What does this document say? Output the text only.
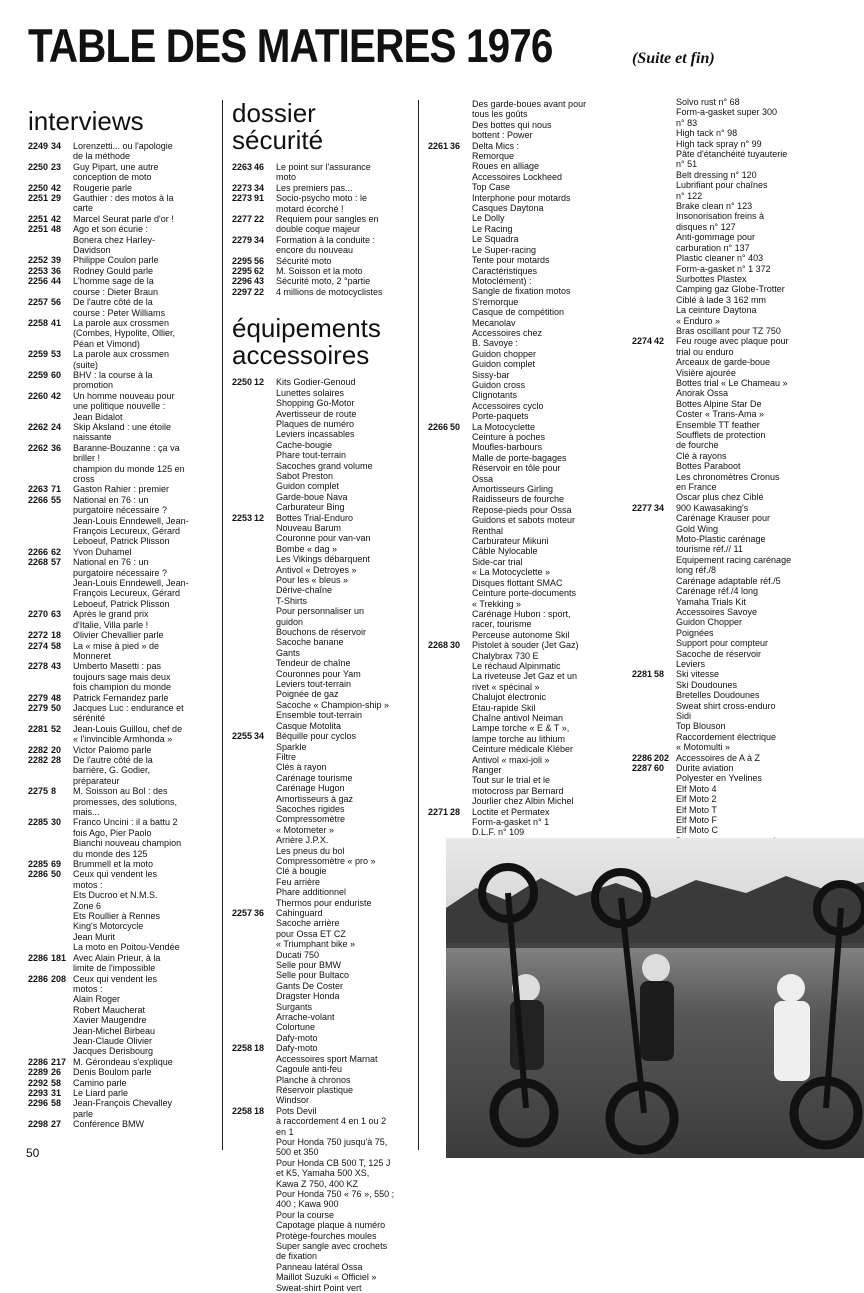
TABLE DES MATIERES 1976	(Suite et fin)
interviews
2249 34	Lorenzetti... ou l'apologie
de la méthode
2250 23	Guy Pipart, une autre
conception de moto
2250 42	Rougerie parle
2251 29	Gauthier : des motos à la
carte
2251 42	Marcel Seurat parle d'or !
2251 48	Ago et son écurie :
Bonera chez Harley-
Davidson
2252 39	Philippe Coulon parle
2253 36	Rodney Gould parle
2256 44	L'homme sage de la
course : Dieter Braun
2257 56	De l'autre côté de la
course : Peter Williams
2258 41	La parole aux crossmen
(Combes, Hypolite, Ollier,
Péan et Vimond)
2259 53	La parole aux crossmen
(suite)
2259 60	BHV : la course à la
promotion
2260 42	Un homme nouveau pour
une politique nouvelle :
Jean Bidalot
2262 24	Skip Aksland : une étoile
naissante
2262 36	Baranne-Bouzanne : ça va
briller !
champion du monde 125 en
cross
2263 71	Gaston Rahier : premier
2266 55	National en 76 : un
purgatoire nécessaire ?
Jean-Louis Enndewell, Jean-
François Lecureux, Gérard
Leboeuf, Patrick Plisson
2266 62	Yvon Duhamel
2268 57	National en 76 : un
purgatoire nécessaire ?
Jean-Louis Enndewell, Jean-
François Lecureux, Gérard
Leboeuf, Patrick Plisson
2270 63	Après le grand prix
d'Italie, Villa parle !
2272 18	Olivier Chevallier parle
2274 58	La « mise à pied » de
Monneret
2278 43	Umberto Masetti : pas
toujours sage mais deux
fois champion du monde
2279 48	Patrick Fernandez parle
2279 50	Jacques Luc : endurance et
sérénité
2281 52	Jean-Louis Guillou, chef de
« l'invincible Armhonda »
2282 20	Victor Palomo parle
2282 28	De l'autre côté de la
barrière, G. Godier,
préparateur
2275 8	M. Soisson au Bol : des
promesses, des solutions,
mais...
2285 30	Franco Uncini : il a battu 2
fois Ago, Pier Paolo
Bianchi nouveau champion
du monde des 125
2285 69	Brummell et la moto
2286 50	Ceux qui vendent les
motos :
Ets Ducroo et N.M.S.
Zone 6
Ets Roullier à Rennes
King's Motorcycle
Jean Murit
La moto en Poitou-Vendée
2286 181 Avec Alain Prieur, à la
limite de l'impossible
2286 208 Ceux qui vendent les
motos :
Alain Roger
Robert Maucherat
Xavier Maugendre
Jean-Michel Birbeau
Jean-Claude Olivier
Jacques Derisbourg
2286 217 M. Gérondeau s'explique
2289 26	Denis Boulom parle
2292 58	Camino parle
2293 31	Le Liard parle
2296 58	Jean-François Chevalley
parle
2298 27	Conférence BMW
dossier
sécurité
2263 46	Le point sur l'assurance
moto
2273 34	Les premiers pas...
2273 91	Socio-psycho moto : le
motard écorché !
2277 22	Requiem pour sangles en
double coque majeur
2279 34	Formation à la conduite :
encore du nouveau
2295 56	Sécurité moto
2295 62	M. Soisson et la moto
2296 43	Sécurité moto, 2 °partie
2297 22	4 millions de motocyclistes
équipements
accessoires
2250 12	Kits Godier-Genoud
Lunettes solaires
Shopping Go-Motor
Avertisseur de route
Plaques de numéro
Leviers incassables
Cache-bougie
Phare tout-terrain
Sacoches grand volume
Sabot Preston
Guidon complet
Garde-boue Nava
Carburateur Bing
2253 12	Bottes Trial-Enduro
Nouveau Barum
Couronne pour van-van
Bombe « dag »
Les Vikings débarquent
Antivol « Detroyes »
Pour les « bleus »
Dérive-chaîne
T-Shirts
Pour personnaliser un
guidon
Bouchons de réservoir
Sacoche banane
Gants
Tendeur de chaîne
Couronnes pour Yam
Leviers tout-terrain
Poignée de gaz
Sacoche « Champion-ship »
Ensemble tout-terrain
Casque Motolita
2255 34	Béquille pour cyclos
Sparkle
Filtre
Clés à rayon
Carénage tourisme
Carénage Hugon
Amortisseurs à gaz
Sacoches rigides
Compressomètre
« Motometer »
Arrière J.P.X.
Les pneus du bol
Compressomètre « pro »
Clé à bougie
Feu arrière
Phare additionnel
Thermos pour enduriste
2257 36	Cahinguard
Sacoche arrière
pour Ossa ET CZ
« Triumphant bike »
Ducati 750
Selle pour BMW
Selle pour Bultaco
Gants De Coster
Dragster Honda
Surgants
Arrache-volant
Colortune
Dafy-moto
2258 18	Dafy-moto
Accessoires sport Marnat
Cagoule anti-feu
Planche à chronos
Réservoir plastique
Windsor
2258 18	Pots Devil
à raccordement 4 en 1 ou 2
en 1
Pour Honda 750 jusqu'à 75,
500 et 350
Pour Honda CB 500 T, 125 J
et K5, Yamaha 500 XS,
Kawa Z 750, 400 KZ
Pour Honda 750 « 76 », 550 ;
400 ; Kawa 900
Pour la course
Capotage plaque à numéro
Protège-fourches moules
Super sangle avec crochets
de fixation
Panneau latéral Ossa
Maillot Suzuki « Officiel »
Sweat-shirt Point vert
Des garde-boues avant pour
tous les goûts
Des bottes qui nous
bottent : Power
2261 36	Delta Mics :
Remorque
Roues en alliage
Accessoires Lockheed
Top Case
Interphone pour motards
Casques Daytona
Le Dolly
Le Racing
Le Squadra
Le Super-racing
Tente pour motards
Caractéristiques
Motoclément) :
Sangle de fixation motos
S'remorque
Casque de compétition
Mecanolav
Accessoires chez
B. Savoye :
Guidon chopper
Guidon complet
Sissy-bar
Guidon cross
Clignotants
Accessoires cyclo
Porte-paquets
2266 50	La Motocyclette
Ceinture à poches
Moufles-barbours
Malle de porte-bagages
Réservoir en tôle pour
Ossa
Amortisseurs Girling
Raidisseurs de fourche
Repose-pieds pour Ossa
Guidons et sabots moteur
Renthal
Carburateur Mikuni
Câble Nylocable
Side-car trial
« La Motocyclette »
Disques flottant SMAC
Ceinture porte-documents
« Trekking »
Carénage Hubon : sport,
racer, tourisme
Perceuse autonome Skil
2268 30	Pistolet à souder (Jet Gaz)
Chalybrax 730 E
Le réchaud Alpinmatic
La riveteuse Jet Gaz et un
rivet « spécinal »
Chalujot électronic
Etau-rapide Skil
Chaîne antivol Neiman
Lampe torche « E & T »,
lampe torche au lithium
Ceinture médicale Kléber
Antivol « maxi-joli »
Ranger
Tout sur le trial et le
motocross par Bernard
Jourlier chez Albin Michel
2271 28	Loctite et Permatex
Form-a-gasket n° 1
D.L.F. n° 109

Solvo rust n° 68
Form-a-gasket super 300
n° 83
High tack n° 98
High tack spray n° 99
Pâte d'étanchéité tuyauterie
n° 51
Belt dressing n° 120
Lubrifiant pour chaînes
n° 122
Brake clean n° 123
Insonorisation freins à
disques n° 127
Anti-gommage pour
carburation n° 137
Plastic cleaner n° 403
Form-a-gasket n° 1 372
Surbottes Plastex
Camping gaz Globe-Trotter
Ciblé à lade 3 162 mm
La ceinture Daytona
« Enduro »
Bras oscillant pour TZ 750
2274 42	Feu rouge avec plaque pour
trial ou enduro
Arceaux de garde-boue
Visière ajourée
Bottes trial « Le Chameau »
Anorak Ossa
Bottes Alpine Star De
Coster « Trans-Ama »
Ensemble TT feather
Soufflets de protection
de fourche
Clé à rayons
Bottes Paraboot
Les chronomètres Cronus
en France
Oscar plus chez Ciblé
2277 34	900 Kawasaking's
Carénage Krauser pour
Gold Wing
Moto-Plastic carénage
tourisme réf.// 11
Equipement racing carénage
long réf./8
Carénage adaptable réf./5
Carénage réf./4 long
Yamaha Trials Kit
Accessoires Savoye
Guidon Chopper
Poignées
Support pour compteur
Sacoche de réservoir
Leviers
2281 58	Ski vitesse
Ski Doudounes
Bretelles Doudounes
Sweat shirt cross-enduro
Sidi
Top Blouson
Raccordement électrique
« Motomulti »
2286 202 Accessoires de A à Z
2287 60	Durite aviation
Polyester en Yvelines
Elf Moto 4
Elf Moto 2
Elf Moto T
Elf Moto F
Elf Moto C

50
